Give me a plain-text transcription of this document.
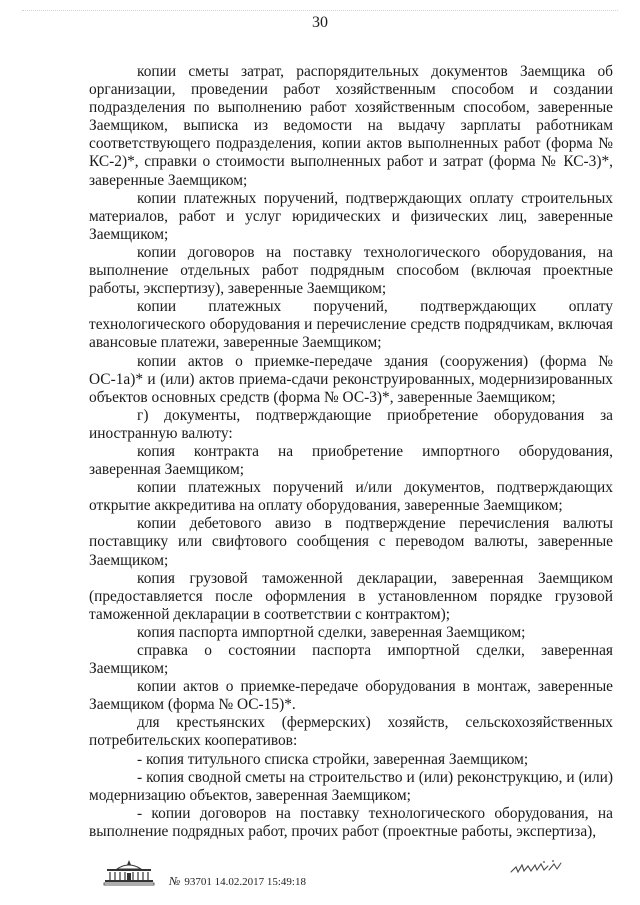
30

копии сметы затрат, распорядительных документов Заемщика об организации, проведении работ хозяйственным способом и создании подразделения по выполнению работ хозяйственным способом, заверенные Заемщиком, выписка из ведомости на выдачу зарплаты работникам соответствующего подразделения, копии актов выполненных работ (форма № КС-2)*, справки о стоимости выполненных работ и затрат (форма № КС-3)*, заверенные Заемщиком;

копии платежных поручений, подтверждающих оплату строительных материалов, работ и услуг юридических и физических лиц, заверенные Заемщиком;

копии договоров на поставку технологического оборудования, на выполнение отдельных работ подрядным способом (включая проектные работы, экспертизу), заверенные Заемщиком;

копии платежных поручений, подтверждающих оплату технологического оборудования и перечисление средств подрядчикам, включая авансовые платежи, заверенные Заемщиком;

копии актов о приемке-передаче здания (сооружения) (форма № ОС-1а)* и (или) актов приема-сдачи реконструированных, модернизированных объектов основных средств (форма № ОС-3)*, заверенные Заемщиком;

г) документы, подтверждающие приобретение оборудования за иностранную валюту:

копия контракта на приобретение импортного оборудования, заверенная Заемщиком;

копии платежных поручений и/или документов, подтверждающих открытие аккредитива на оплату оборудования, заверенные Заемщиком;

копии дебетового авизо в подтверждение перечисления валюты поставщику или свифтового сообщения с переводом валюты, заверенные Заемщиком;

копия грузовой таможенной декларации, заверенная Заемщиком (предоставляется после оформления в установленном порядке грузовой таможенной декларации в соответствии с контрактом);

копия паспорта импортной сделки, заверенная Заемщиком;

справка о состоянии паспорта импортной сделки, заверенная Заемщиком;

копии актов о приемке-передаче оборудования в монтаж, заверенные Заемщиком (форма № ОС-15)*.

для крестьянских (фермерских) хозяйств, сельскохозяйственных потребительских кооперативов:

- копия титульного списка стройки, заверенная Заемщиком;

- копия сводной сметы на строительство и (или) реконструкцию, и (или) модернизацию объектов, заверенная Заемщиком;

- копии договоров на поставку технологического оборудования, на выполнение подрядных работ, прочих работ (проектные работы, экспертиза),

№ 93701 14.02.2017 15:49:18
